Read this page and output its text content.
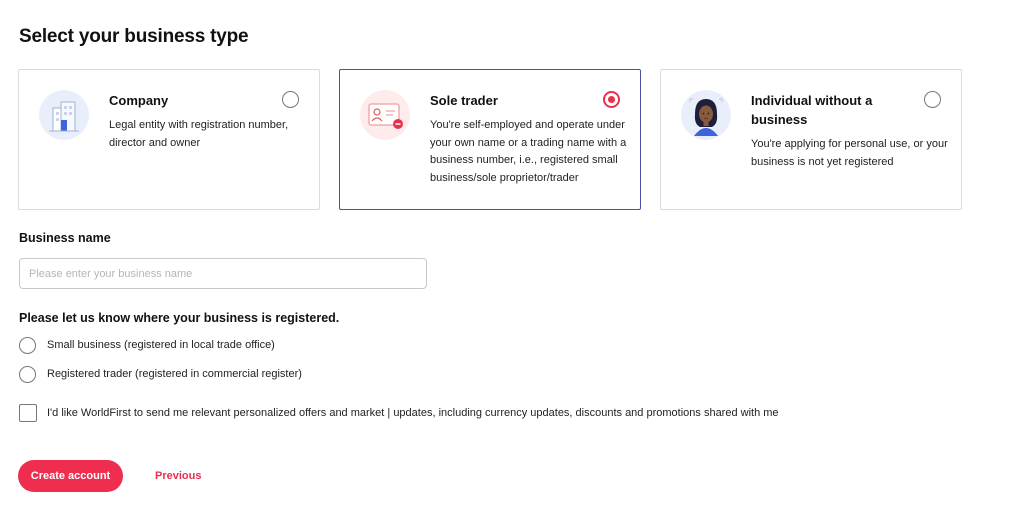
Select your business type
Company
Legal entity with registration number, director and owner
Sole trader
You're self-employed and operate under your own name or a trading name with a business number, i.e., registered small business/sole proprietor/trader
Individual without a business
You're applying for personal use, or your business is not yet registered
Business name
Please enter your business name
Please let us know where your business is registered.
Small business (registered in local trade office)
Registered trader (registered in commercial register)
I'd like WorldFirst to send me relevant personalized offers and market | updates, including currency updates, discounts and promotions shared with me
Create account	Previous
